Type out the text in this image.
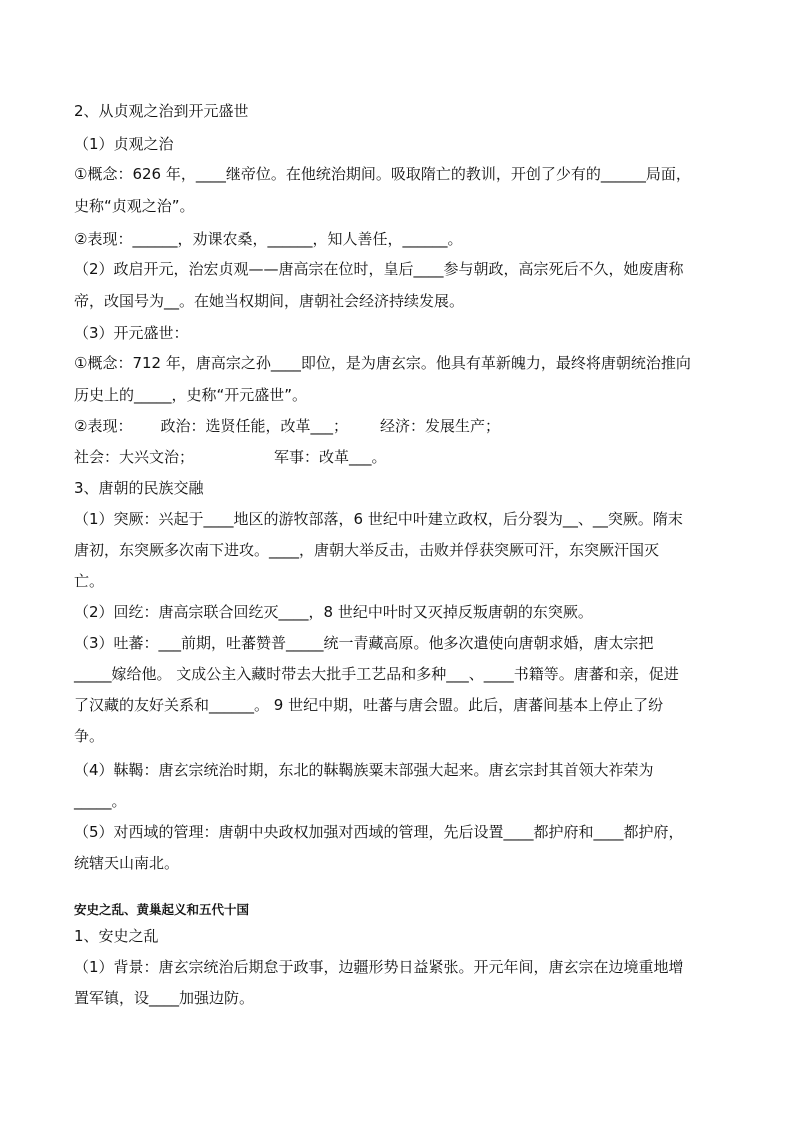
2、从贞观之治到开元盛世
（1）贞观之治
①概念：626 年，____继帝位。在他统治期间。吸取隋亡的教训，开创了少有的______局面，
史称“贞观之治”。
②表现：______，劝课农桑，______，知人善任，______。
（2）政启开元，治宏贞观——唐高宗在位时，皇后____参与朝政，高宗死后不久，她废唐称
帝，改国号为__。在她当权期间，唐朝社会经济持续发展。
（3）开元盛世：
①概念：712 年，唐高宗之孙____即位，是为唐玄宗。他具有革新魄力，最终将唐朝统治推向
历史上的_____，史称“开元盛世”。
②表现： 政治：选贤任能，改革___； 经济：发展生产；
社会：大兴文治；	军事：改革___。
3、唐朝的民族交融
（1）突厥：兴起于____地区的游牧部落，6 世纪中叶建立政权，后分裂为__、__突厥。隋末
唐初，东突厥多次南下进攻。____，唐朝大举反击，击败并俘获突厥可汗，东突厥汗国灭
亡。
（2）回纥：唐高宗联合回纥灭____，8 世纪中叶时又灭掉反叛唐朝的东突厥。
（3）吐蕃：___前期，吐蕃赞普_____统一青藏高原。他多次遣使向唐朝求婚，唐太宗把
_____嫁给他。 文成公主入藏时带去大批手工艺品和多种___、____书籍等。唐蕃和亲，促进
了汉藏的友好关系和______。 9 世纪中期，吐蕃与唐会盟。此后，唐蕃间基本上停止了纷
争。
（4）靺鞨：唐玄宗统治时期，东北的靺鞨族粟末部强大起来。唐玄宗封其首领大祚荣为
_____。
（5）对西域的管理：唐朝中央政权加强对西域的管理，先后设置____都护府和____都护府，
统辖天山南北。
安史之乱、黄巢起义和五代十国
1、安史之乱
（1）背景：唐玄宗统治后期怠于政事，边疆形势日益紧张。开元年间，唐玄宗在边境重地增
置军镇，设____加强边防。
